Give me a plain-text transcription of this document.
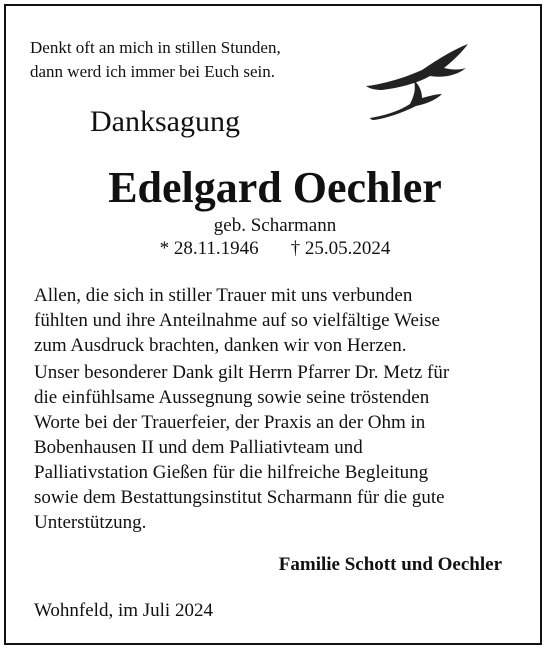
Denkt oft an mich in stillen Stunden,
dann werd ich immer bei Euch sein.
Danksagung
Edelgard Oechler
geb. Scharmann
* 28.11.1946 † 25.05.2024
Allen, die sich in stiller Trauer mit uns verbunden
fühlten und ihre Anteilnahme auf so vielfältige Weise
zum Ausdruck brachten, danken wir von Herzen.
Unser besonderer Dank gilt Herrn Pfarrer Dr. Metz für
die einfühlsame Aussegnung sowie seine tröstenden
Worte bei der Trauerfeier, der Praxis an der Ohm in
Bobenhausen II und dem Palliativteam und
Palliativstation Gießen für die hilfreiche Begleitung
sowie dem Bestattungsinstitut Scharmann für die gute
Unterstützung.
Familie Schott und Oechler
Wohnfeld, im Juli 2024
